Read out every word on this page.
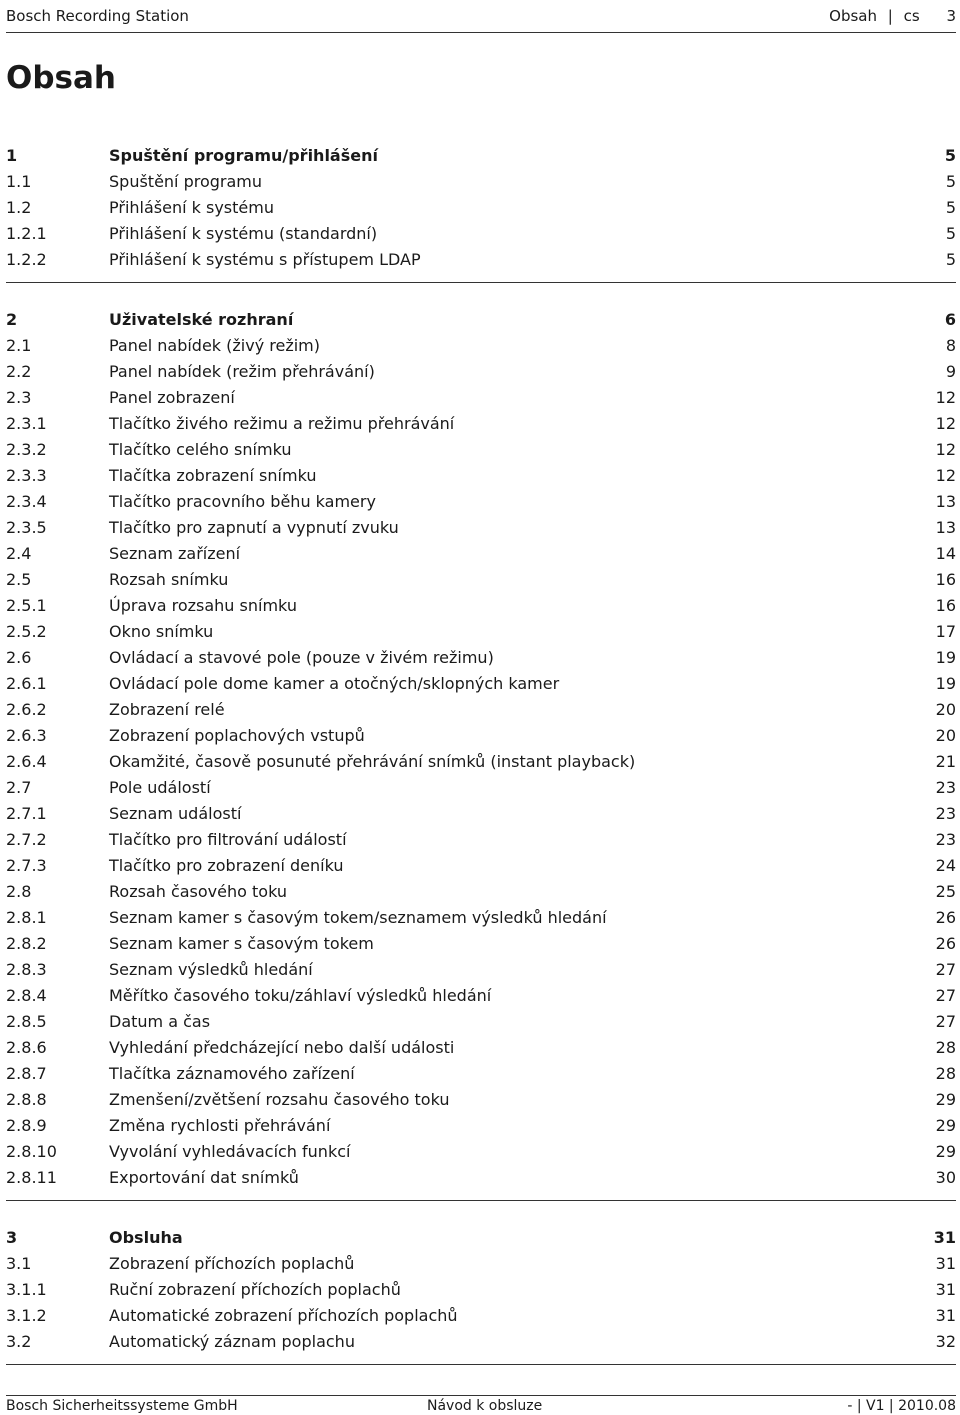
Bosch Recording Station	Obsah | cs 3
Obsah
1	Spuštění programu/přihlášení	5
1.1	Spuštění programu	5
1.2	Přihlášení k systému	5
1.2.1	Přihlášení k systému (standardní)	5
1.2.2	Přihlášení k systému s přístupem LDAP	5
2	Uživatelské rozhraní	6
2.1	Panel nabídek (živý režim)	8
2.2	Panel nabídek (režim přehrávání)	9
2.3	Panel zobrazení	12
2.3.1	Tlačítko živého režimu a režimu přehrávání	12
2.3.2	Tlačítko celého snímku	12
2.3.3	Tlačítka zobrazení snímku	12
2.3.4	Tlačítko pracovního běhu kamery	13
2.3.5	Tlačítko pro zapnutí a vypnutí zvuku	13
2.4	Seznam zařízení	14
2.5	Rozsah snímku	16
2.5.1	Úprava rozsahu snímku	16
2.5.2	Okno snímku	17
2.6	Ovládací a stavové pole (pouze v živém režimu)	19
2.6.1	Ovládací pole dome kamer a otočných/sklopných kamer	19
2.6.2	Zobrazení relé	20
2.6.3	Zobrazení poplachových vstupů	20
2.6.4	Okamžité, časově posunuté přehrávání snímků (instant playback)	21
2.7	Pole událostí	23
2.7.1	Seznam událostí	23
2.7.2	Tlačítko pro filtrování událostí	23
2.7.3	Tlačítko pro zobrazení deníku	24
2.8	Rozsah časového toku	25
2.8.1	Seznam kamer s časovým tokem/seznamem výsledků hledání	26
2.8.2	Seznam kamer s časovým tokem	26
2.8.3	Seznam výsledků hledání	27
2.8.4	Měřítko časového toku/záhlaví výsledků hledání	27
2.8.5	Datum a čas	27
2.8.6	Vyhledání předcházející nebo další události	28
2.8.7	Tlačítka záznamového zařízení	28
2.8.8	Zmenšení/zvětšení rozsahu časového toku	29
2.8.9	Změna rychlosti přehrávání	29
2.8.10	Vyvolání vyhledávacích funkcí	29
2.8.11	Exportování dat snímků	30
3	Obsluha	31
3.1	Zobrazení příchozích poplachů	31
3.1.1	Ruční zobrazení příchozích poplachů	31
3.1.2	Automatické zobrazení příchozích poplachů	31
3.2	Automatický záznam poplachu	32
Bosch Sicherheitssysteme GmbH	Návod k obsluze	- | V1 | 2010.08
